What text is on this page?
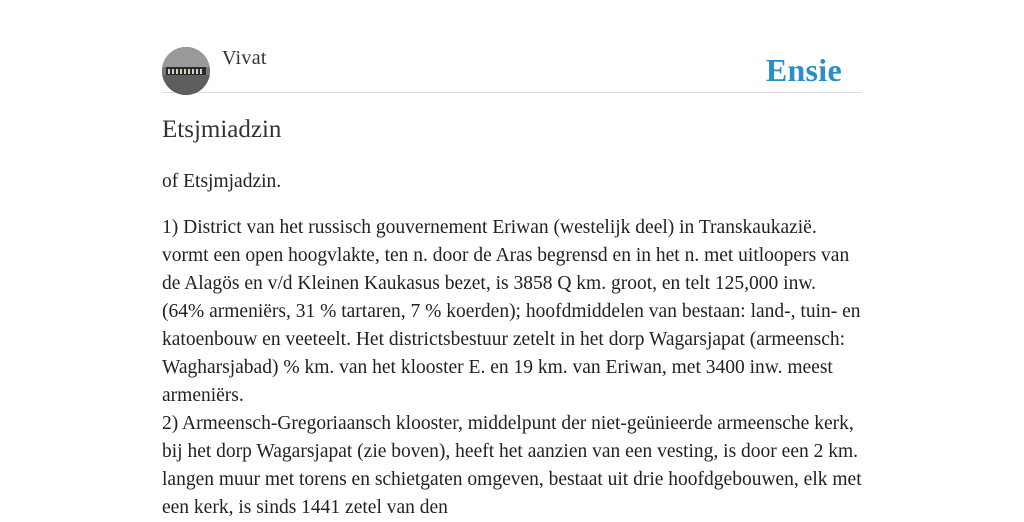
Vivat	Ensie
Etsjmiadzin

of Etsjmjadzin.

1) District van het russisch gouvernement Eriwan (westelijk deel) in Transkaukazië. vormt een open hoogvlakte, ten n. door de Aras begrensd en in het n. met uitloopers van de Alagös en v/d Kleinen Kaukasus bezet, is 3858 Q km. groot, en telt 125,000 inw. (64% armeniërs, 31 % tartaren, 7 % koerden); hoofdmiddelen van bestaan: land-, tuin- en katoenbouw en veeteelt. Het districtsbestuur zetelt in het dorp Wagarsjapat (armeensch: Wagharsjabad) % km. van het klooster E. en 19 km. van Eriwan, met 3400 inw. meest armeniërs.

2) Armeensch-Gregoriaansch klooster, middelpunt der niet-geünieerde armeensche kerk, bij het dorp Wagarsjapat (zie boven), heeft het aanzien van een vesting, is door een 2 km. langen muur met torens en schietgaten omgeven, bestaat uit drie hoofdgebouwen, elk met een kerk, is sinds 1441 zetel van den
